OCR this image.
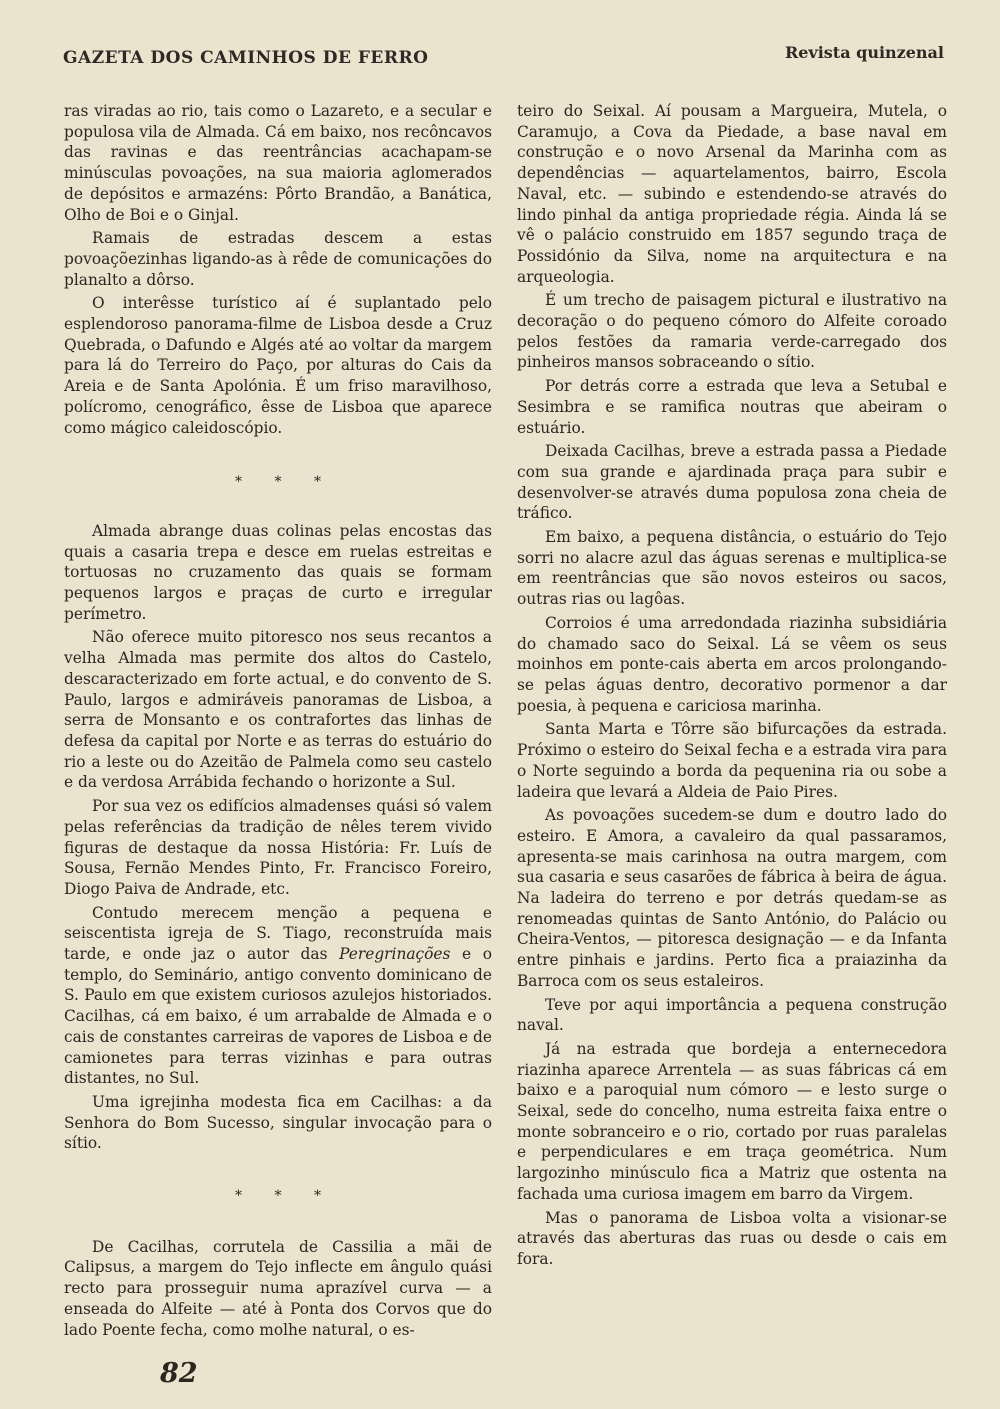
GAZETA DOS CAMINHOS DE FERRO	Revista quinzenal

ras viradas ao rio, tais como o Lazareto, e a secular e populosa vila de Almada. Cá em baixo, nos recôncavos das ravinas e das reentrâncias acachapam-se minúsculas povoações, na sua maioria aglomerados de depósitos e armazéns: Pôrto Brandão, a Banática, Olho de Boi e o Ginjal.

Ramais de estradas descem a estas povoaçõezinhas ligando-as à rêde de comunicações do planalto a dôrso.

O interêsse turístico aí é suplantado pelo esplendoroso panorama-filme de Lisboa desde a Cruz Quebrada, o Dafundo e Algés até ao voltar da margem para lá do Terreiro do Paço, por alturas do Cais da Areia e de Santa Apolónia. É um friso maravilhoso, polícromo, cenográfico, êsse de Lisboa que aparece como mágico caleidoscópio.

* * *

Almada abrange duas colinas pelas encostas das quais a casaria trepa e desce em ruelas estreitas e tortuosas no cruzamento das quais se formam pequenos largos e praças de curto e irregular perímetro.

Não oferece muito pitoresco nos seus recantos a velha Almada mas permite dos altos do Castelo, descaracterizado em forte actual, e do convento de S. Paulo, largos e admiráveis panoramas de Lisboa, a serra de Monsanto e os contrafortes das linhas de defesa da capital por Norte e as terras do estuário do rio a leste ou do Azeitão de Palmela como seu castelo e da verdosa Arrábida fechando o horizonte a Sul.

Por sua vez os edifícios almadenses quási só valem pelas referências da tradição de nêles terem vivido figuras de destaque da nossa História: Fr. Luís de Sousa, Fernão Mendes Pinto, Fr. Francisco Foreiro, Diogo Paiva de Andrade, etc.

Contudo merecem menção a pequena e seiscentista igreja de S. Tiago, reconstruída mais tarde, e onde jaz o autor das Peregrinações e o templo, do Seminário, antigo convento dominicano de S. Paulo em que existem curiosos azulejos historiados. Cacilhas, cá em baixo, é um arrabalde de Almada e o cais de constantes carreiras de vapores de Lisboa e de camionetes para terras vizinhas e para outras distantes, no Sul.

Uma igrejinha modesta fica em Cacilhas: a da Senhora do Bom Sucesso, singular invocação para o sítio.

* * *

De Cacilhas, corrutela de Cassilia a mãi de Calipsus, a margem do Tejo inflecte em ângulo quási recto para prosseguir numa aprazível curva — a enseada do Alfeite — até à Ponta dos Corvos que do lado Poente fecha, como molhe natural, o es-

teiro do Seixal. Aí pousam a Margueira, Mutela, o Caramujo, a Cova da Piedade, a base naval em construção e o novo Arsenal da Marinha com as dependências — aquartelamentos, bairro, Escola Naval, etc. — subindo e estendendo-se através do lindo pinhal da antiga propriedade régia. Ainda lá se vê o palácio construido em 1857 segundo traça de Possidónio da Silva, nome na arquitectura e na arqueologia.

É um trecho de paisagem pictural e ilustrativo na decoração o do pequeno cómoro do Alfeite coroado pelos festões da ramaria verde-carregado dos pinheiros mansos sobraceando o sítio.

Por detrás corre a estrada que leva a Setubal e Sesimbra e se ramifica noutras que abeiram o estuário.

Deixada Cacilhas, breve a estrada passa a Piedade com sua grande e ajardinada praça para subir e desenvolver-se através duma populosa zona cheia de tráfico.

Em baixo, a pequena distância, o estuário do Tejo sorri no alacre azul das águas serenas e multiplica-se em reentrâncias que são novos esteiros ou sacos, outras rias ou lagôas.

Corroios é uma arredondada riazinha subsidiária do chamado saco do Seixal. Lá se vêem os seus moinhos em ponte-cais aberta em arcos prolongando-se pelas águas dentro, decorativo pormenor a dar poesia, à pequena e cariciosa marinha.

Santa Marta e Tôrre são bifurcações da estrada. Próximo o esteiro do Seixal fecha e a estrada vira para o Norte seguindo a borda da pequenina ria ou sobe a ladeira que levará a Aldeia de Paio Pires.

As povoações sucedem-se dum e doutro lado do esteiro. E Amora, a cavaleiro da qual passaramos, apresenta-se mais carinhosa na outra margem, com sua casaria e seus casarões de fábrica à beira de água. Na ladeira do terreno e por detrás quedam-se as renomeadas quintas de Santo António, do Palácio ou Cheira-Ventos, — pitoresca designação — e da Infanta entre pinhais e jardins. Perto fica a praiazinha da Barroca com os seus estaleiros.

Teve por aqui importância a pequena construção naval.

Já na estrada que bordeja a enternecedora riazinha aparece Arrentela — as suas fábricas cá em baixo e a paroquial num cómoro — e lesto surge o Seixal, sede do concelho, numa estreita faixa entre o monte sobranceiro e o rio, cortado por ruas paralelas e perpendiculares e em traça geométrica. Num largozinho minúsculo fica a Matriz que ostenta na fachada uma curiosa imagem em barro da Virgem.

Mas o panorama de Lisboa volta a visionar-se através das aberturas das ruas ou desde o cais em fora.

82
